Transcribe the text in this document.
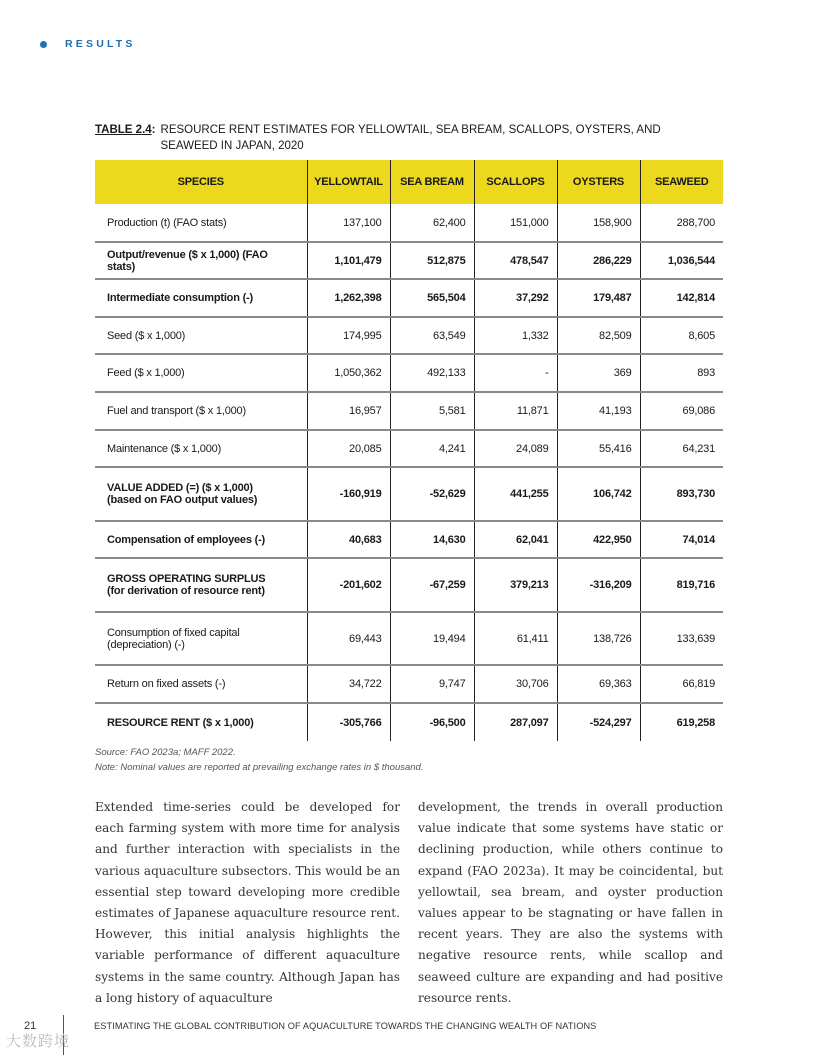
RESULTS
TABLE 2.4 : RESOURCE RENT ESTIMATES FOR YELLOWTAIL, SEA BREAM, SCALLOPS, OYSTERS, AND SEAWEED IN JAPAN, 2020
SPECIES	YELLOWTAIL	SEA BREAM	SCALLOPS	OYSTERS	SEAWEED

Production (t) (FAO stats)	137,100	62,400	151,000	158,900	288,700

Output/revenue ($ x 1,000) (FAO stats)	1,101,479	512,875	478,547	286,229	1,036,544

Intermediate consumption (-)	1,262,398	565,504	37,292	179,487	142,814

Seed ($ x 1,000)	174,995	63,549	1,332	82,509	8,605

Feed ($ x 1,000)	1,050,362	492,133	-	369	893

Fuel and transport ($ x 1,000)	16,957	5,581	11,871	41,193	69,086

Maintenance ($ x 1,000)	20,085	4,241	24,089	55,416	64,231

VALUE ADDED (=) ($ x 1,000)
(based on FAO output values)	-160,919	-52,629	441,255	106,742	893,730

Compensation of employees (-)	40,683	14,630	62,041	422,950	74,014

GROSS OPERATING SURPLUS
(for derivation of resource rent)	-201,602	-67,259	379,213	-316,209	819,716

Consumption of fixed capital
(depreciation) (-)	69,443	19,494	61,411	138,726	133,639

Return on fixed assets (-)	34,722	9,747	30,706	69,363	66,819

RESOURCE RENT ($ x 1,000)	-305,766	-96,500	287,097	-524,297	619,258
Source: FAO 2023a; MAFF 2022.
Note: Nominal values are reported at prevailing exchange rates in $ thousand.
Extended time-series could be developed for each farming system with more time for analysis and further interaction with specialists in the various aquaculture subsectors. This would be an essential step toward developing more credible estimates of Japanese aquaculture resource rent. However, this initial analysis highlights the variable performance of different aquaculture systems in the same country. Although Japan has a long history of aquaculture
development, the trends in overall production value indicate that some systems have static or declining production, while others continue to expand (FAO 2023a). It may be coincidental, but yellowtail, sea bream, and oyster production values appear to be stagnating or have fallen in recent years. They are also the systems with negative resource rents, while scallop and seaweed culture are expanding and had positive resource rents.
21	ESTIMATING THE GLOBAL CONTRIBUTION OF AQUACULTURE TOWARDS THE CHANGING WEALTH OF NATIONS
大数跨境
